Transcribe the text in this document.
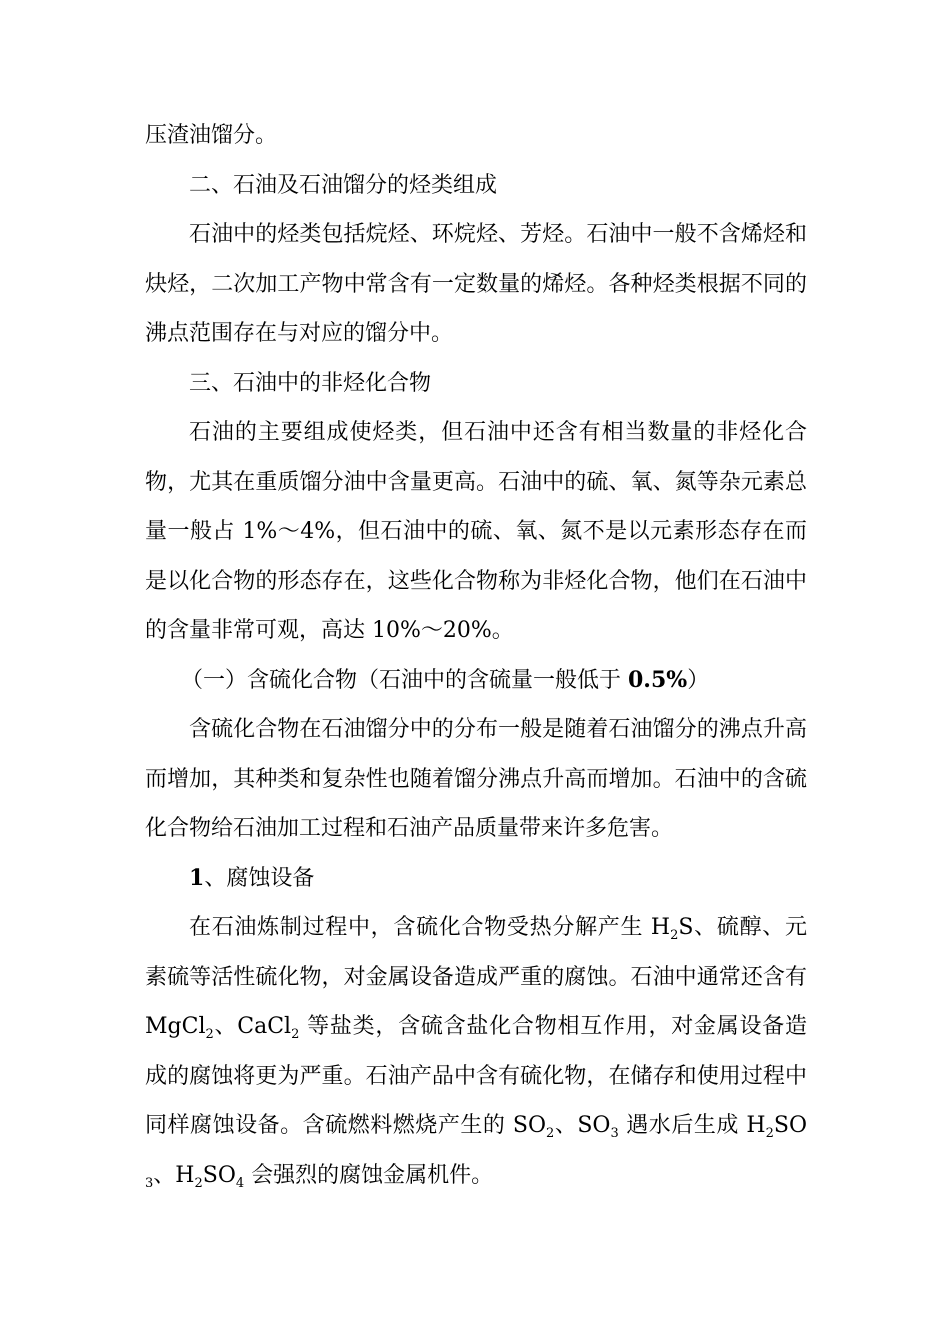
压渣油馏分。

二、石油及石油馏分的烃类组成

石油中的烃类包括烷烃、环烷烃、芳烃。石油中一般不含烯烃和炔烃，二次加工产物中常含有一定数量的烯烃。各种烃类根据不同的沸点范围存在与对应的馏分中。

三、石油中的非烃化合物

石油的主要组成使烃类，但石油中还含有相当数量的非烃化合物，尤其在重质馏分油中含量更高。石油中的硫、氧、氮等杂元素总量一般占 1%～4%，但石油中的硫、氧、氮不是以元素形态存在而是以化合物的形态存在，这些化合物称为非烃化合物，他们在石油中的含量非常可观，高达 10%～20%。

（一）含硫化合物（石油中的含硫量一般低于 0.5%）

含硫化合物在石油馏分中的分布一般是随着石油馏分的沸点升高而增加，其种类和复杂性也随着馏分沸点升高而增加。石油中的含硫化合物给石油加工过程和石油产品质量带来许多危害。

1、腐蚀设备

在石油炼制过程中，含硫化合物受热分解产生 $H_2S$、硫醇、元素硫等活性硫化物，对金属设备造成严重的腐蚀。石油中通常还含有 MgCl$_2$、CaCl$_2$ 等盐类，含硫含盐化合物相互作用，对金属设备造成的腐蚀将更为严重。石油产品中含有硫化物，在储存和使用过程中同样腐蚀设备。含硫燃料燃烧产生的 $SO_2$、$SO_3$ 遇水后生成 $H_2SO_3$、$H_2SO_4$ 会强烈的腐蚀金属机件。
